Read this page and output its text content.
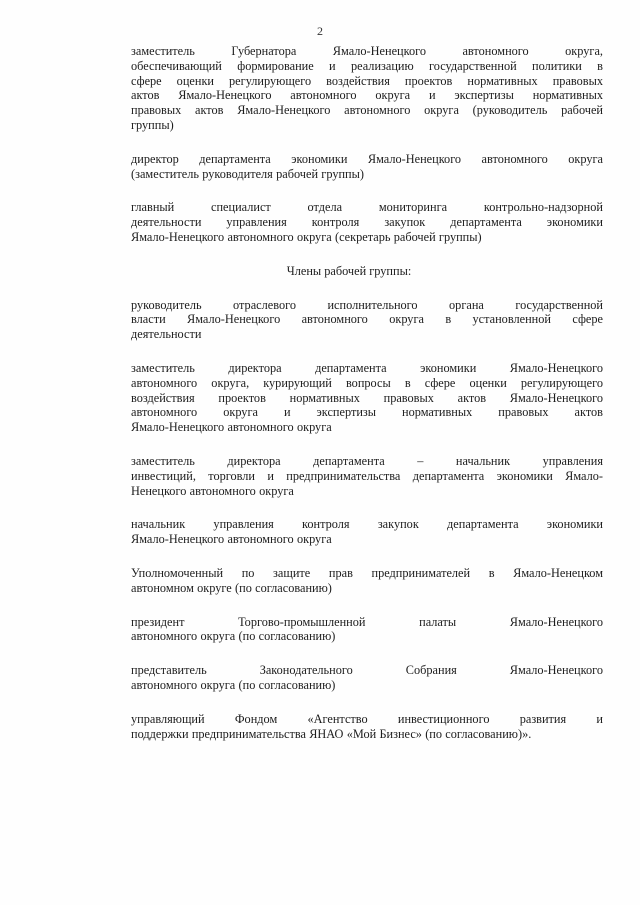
2
заместитель Губернатора Ямало-Ненецкого автономного округа,
обеспечивающий формирование и реализацию государственной политики в
сфере оценки регулирующего воздействия проектов нормативных правовых
актов Ямало-Ненецкого автономного округа и экспертизы нормативных
правовых актов Ямало-Ненецкого автономного округа (руководитель рабочей
группы)
директор департамента экономики Ямало-Ненецкого автономного округа
(заместитель руководителя рабочей группы)
главный специалист отдела мониторинга контрольно-надзорной
деятельности управления контроля закупок департамента экономики
Ямало-Ненецкого автономного округа (секретарь рабочей группы)
Члены рабочей группы:
руководитель отраслевого исполнительного органа государственной
власти Ямало-Ненецкого автономного округа в установленной сфере
деятельности
заместитель директора департамента экономики Ямало-Ненецкого
автономного округа, курирующий вопросы в сфере оценки регулирующего
воздействия проектов нормативных правовых актов Ямало-Ненецкого
автономного округа и экспертизы нормативных правовых актов
Ямало-Ненецкого автономного округа
заместитель директора департамента – начальник управления
инвестиций, торговли и предпринимательства департамента экономики Ямало-
Ненецкого автономного округа
начальник управления контроля закупок департамента экономики
Ямало-Ненецкого автономного округа
Уполномоченный по защите прав предпринимателей в Ямало-Ненецком
автономном округе (по согласованию)
президент Торгово-промышленной палаты Ямало-Ненецкого
автономного округа (по согласованию)
представитель Законодательного Собрания Ямало-Ненецкого
автономного округа (по согласованию)
управляющий Фондом «Агентство инвестиционного развития и
поддержки предпринимательства ЯНАО «Мой Бизнес» (по согласованию)».
